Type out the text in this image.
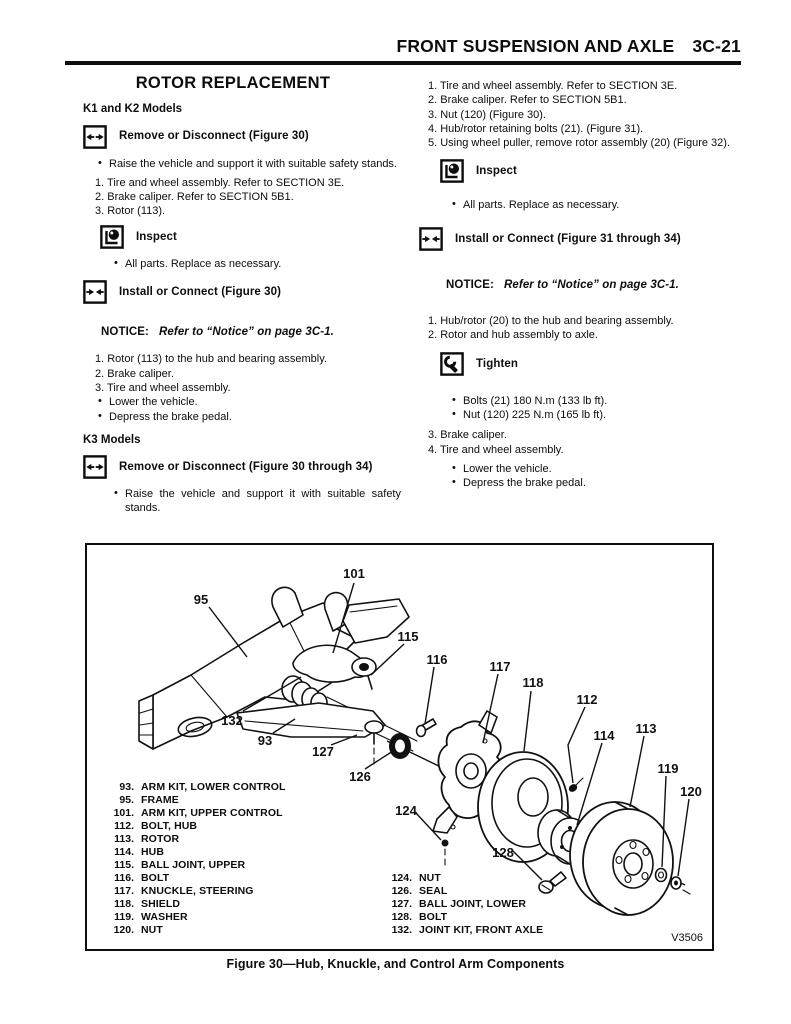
FRONT SUSPENSION AND AXLE 3C-21
ROTOR REPLACEMENT
K1 and K2 Models
Remove or Disconnect (Figure 30)
• Raise the vehicle and support it with suitable safety stands.
1. Tire and wheel assembly. Refer to SECTION 3E.
2. Brake caliper. Refer to SECTION 5B1.
3. Rotor (113).
Inspect
• All parts. Replace as necessary.
Install or Connect (Figure 30)
NOTICE: Refer to “Notice” on page 3C-1.
1. Rotor (113) to the hub and bearing assembly.
2. Brake caliper.
3. Tire and wheel assembly.
• Lower the vehicle.
• Depress the brake pedal.
K3 Models
Remove or Disconnect (Figure 30 through 34)
• Raise the vehicle and support it with suitable safety stands.
1. Tire and wheel assembly. Refer to SECTION 3E.
2. Brake caliper. Refer to SECTION 5B1.
3. Nut (120) (Figure 30).
4. Hub/rotor retaining bolts (21). (Figure 31).
5. Using wheel puller, remove rotor assembly (20) (Figure 32).
Inspect
• All parts. Replace as necessary.
Install or Connect (Figure 31 through 34)
NOTICE: Refer to “Notice” on page 3C-1.
1. Hub/rotor (20) to the hub and bearing assembly.
2. Rotor and hub assembly to axle.
Tighten
• Bolts (21) 180 N.m (133 lb ft).
• Nut (120) 225 N.m (165 lb ft).
3. Brake caliper.
4. Tire and wheel assembly.
• Lower the vehicle.
• Depress the brake pedal.
95
101
115
116	117
118
112
114 113
119
120
132
93
127
126
124
128
93. ARM KIT, LOWER CONTROL
95. FRAME
101. ARM KIT, UPPER CONTROL
112. BOLT, HUB
113. ROTOR
114. HUB
115. BALL JOINT, UPPER
116. BOLT
117. KNUCKLE, STEERING
118. SHIELD
119. WASHER
120. NUT
124. NUT
126. SEAL
127. BALL JOINT, LOWER
128. BOLT
132. JOINT KIT, FRONT AXLE
V3506
Figure 30—Hub, Knuckle, and Control Arm Components
